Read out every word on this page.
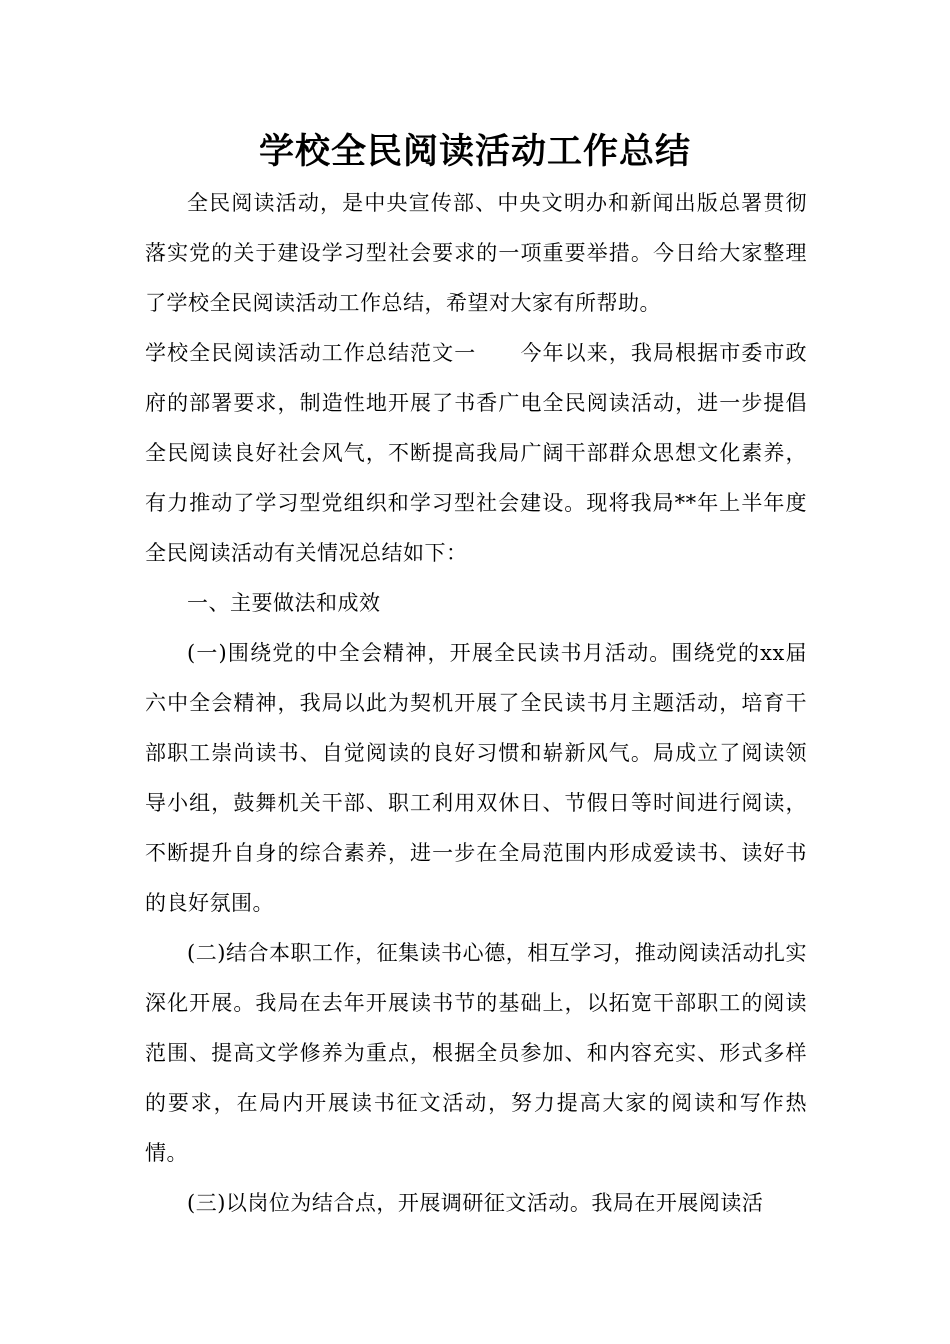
学校全民阅读活动工作总结

全民阅读活动，是中央宣传部、中央文明办和新闻出版总署贯彻落实党的关于建设学习型社会要求的一项重要举措。今日给大家整理了学校全民阅读活动工作总结，希望对大家有所帮助。

学校全民阅读活动工作总结范文一　　 今年以来，我局根据市委市政府的部署要求，制造性地开展了书香广电全民阅读活动，进一步提倡全民阅读良好社会风气，不断提高我局广阔干部群众思想文化素养，有力推动了学习型党组织和学习型社会建设。现将我局**年上半年度全民阅读活动有关情况总结如下：

一、主要做法和成效

(一)围绕党的中全会精神，开展全民读书月活动。围绕党的xx届六中全会精神，我局以此为契机开展了全民读书月主题活动，培育干部职工崇尚读书、自觉阅读的良好习惯和崭新风气。局成立了阅读领导小组，鼓舞机关干部、职工利用双休日、节假日等时间进行阅读，不断提升自身的综合素养，进一步在全局范围内形成爱读书、读好书的良好氛围。

(二)结合本职工作，征集读书心德，相互学习，推动阅读活动扎实深化开展。我局在去年开展读书节的基础上，以拓宽干部职工的阅读范围、提高文学修养为重点，根据全员参加、和内容充实、形式多样的要求，在局内开展读书征文活动，努力提高大家的阅读和写作热情。

(三)以岗位为结合点，开展调研征文活动。我局在开展阅读活
